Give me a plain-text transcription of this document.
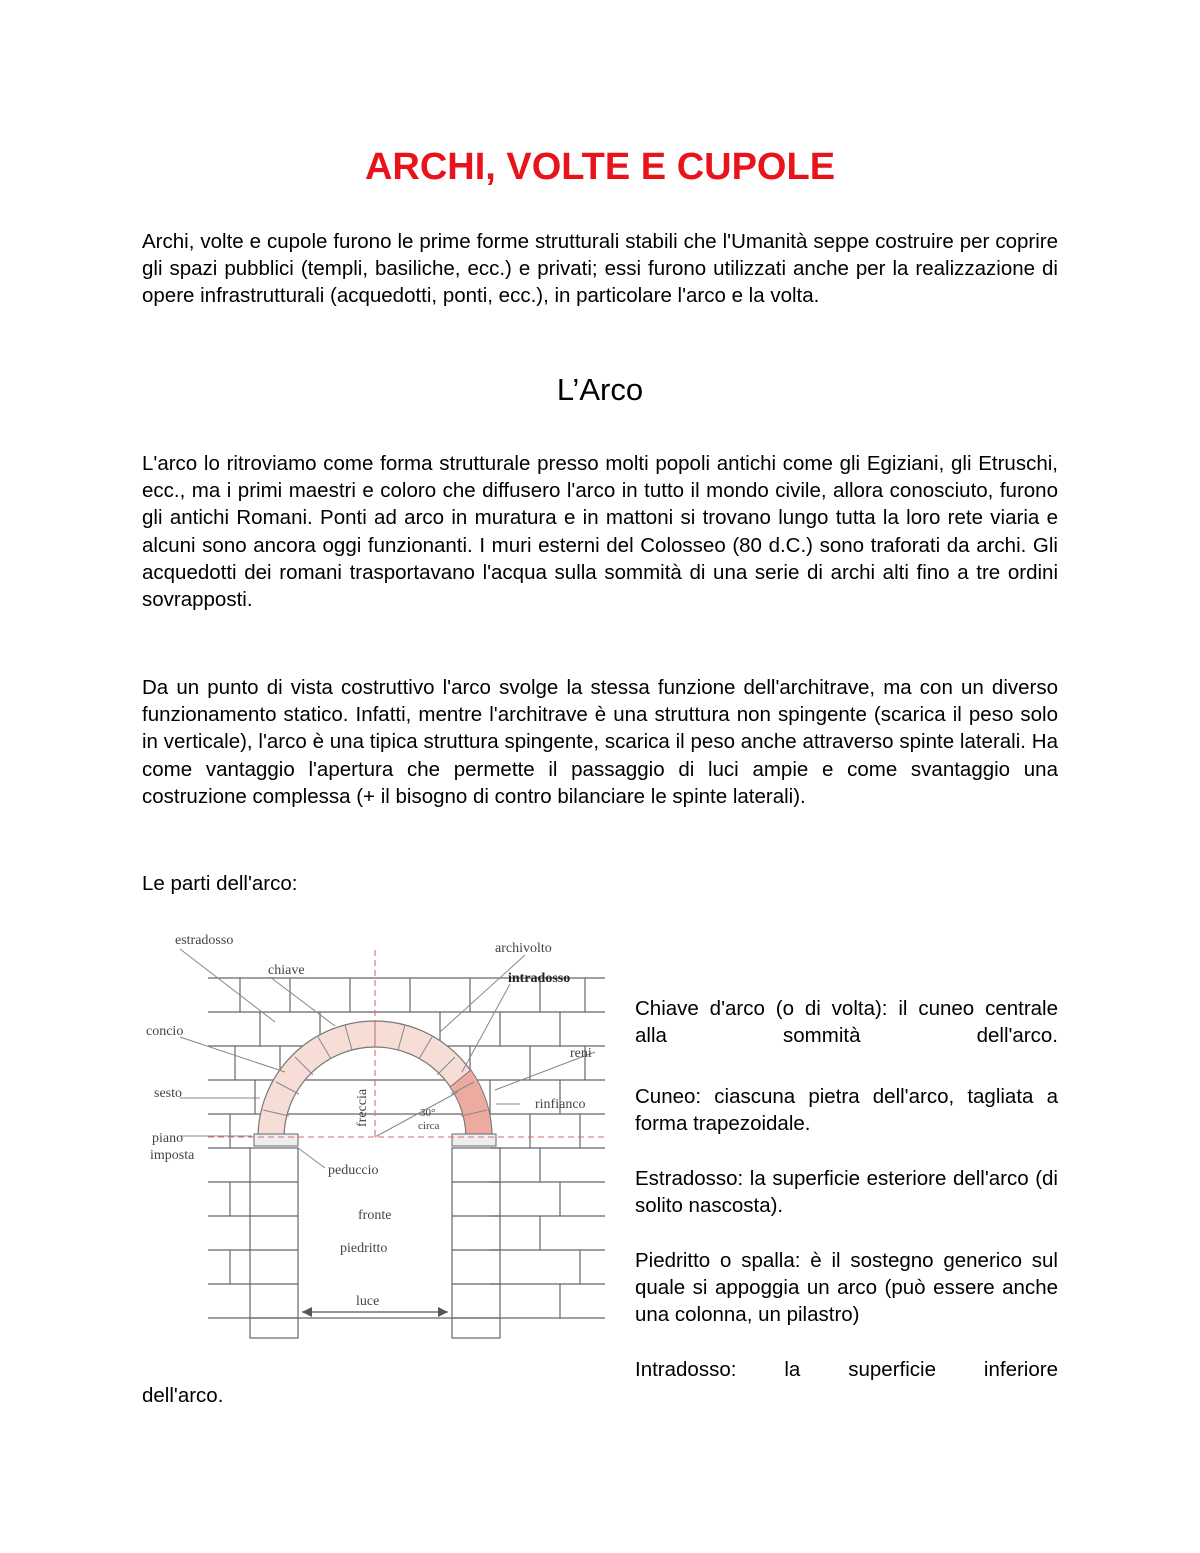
ARCHI, VOLTE E CUPOLE

Archi, volte e cupole furono le prime forme strutturali stabili che l'Umanità seppe costruire per coprire gli spazi pubblici (templi, basiliche, ecc.) e privati; essi furono utilizzati anche per la realizzazione di opere infrastrutturali (acquedotti, ponti, ecc.), in particolare l'arco e la volta.

L’Arco

L'arco lo ritroviamo come forma strutturale presso molti popoli antichi come gli Egiziani, gli Etruschi, ecc., ma i primi maestri e coloro che diffusero l'arco in tutto il mondo civile, allora conosciuto, furono gli antichi Romani. Ponti ad arco in muratura e in mattoni si trovano lungo tutta la loro rete viaria e alcuni sono ancora oggi funzionanti. I muri esterni del Colosseo (80 d.C.) sono traforati da archi. Gli acquedotti dei romani trasportavano l'acqua sulla sommità di una serie di archi alti fino a tre ordini sovrapposti.

Da un punto di vista costruttivo l'arco svolge la stessa funzione dell'architrave, ma con un diverso funzionamento statico. Infatti, mentre l'architrave è una struttura non spingente (scarica il peso solo in verticale), l'arco è una tipica struttura spingente, scarica il peso anche attraverso spinte laterali. Ha come vantaggio l'apertura che permette il passaggio di luci ampie e come svantaggio una costruzione complessa (+ il bisogno di contro bilanciare le spinte laterali).

Le parti dell'arco:

estradosso
chiave
concio
sesto
piano
imposta
archivolto
intradosso
reni
rinfianco
freccia	30°
circa
peduccio
fronte
piedritto
luce

Chiave d'arco (o di volta): il cuneo centrale alla sommità dell'arco.

Cuneo: ciascuna pietra dell'arco, tagliata a forma trapezoidale.

Estradosso: la superficie esteriore dell'arco (di solito nascosta).

Piedritto o spalla: è il sostegno generico sul quale si appoggia un arco (può essere anche una colonna, un pilastro)

Intradosso: la superficie inferiore

dell'arco.
